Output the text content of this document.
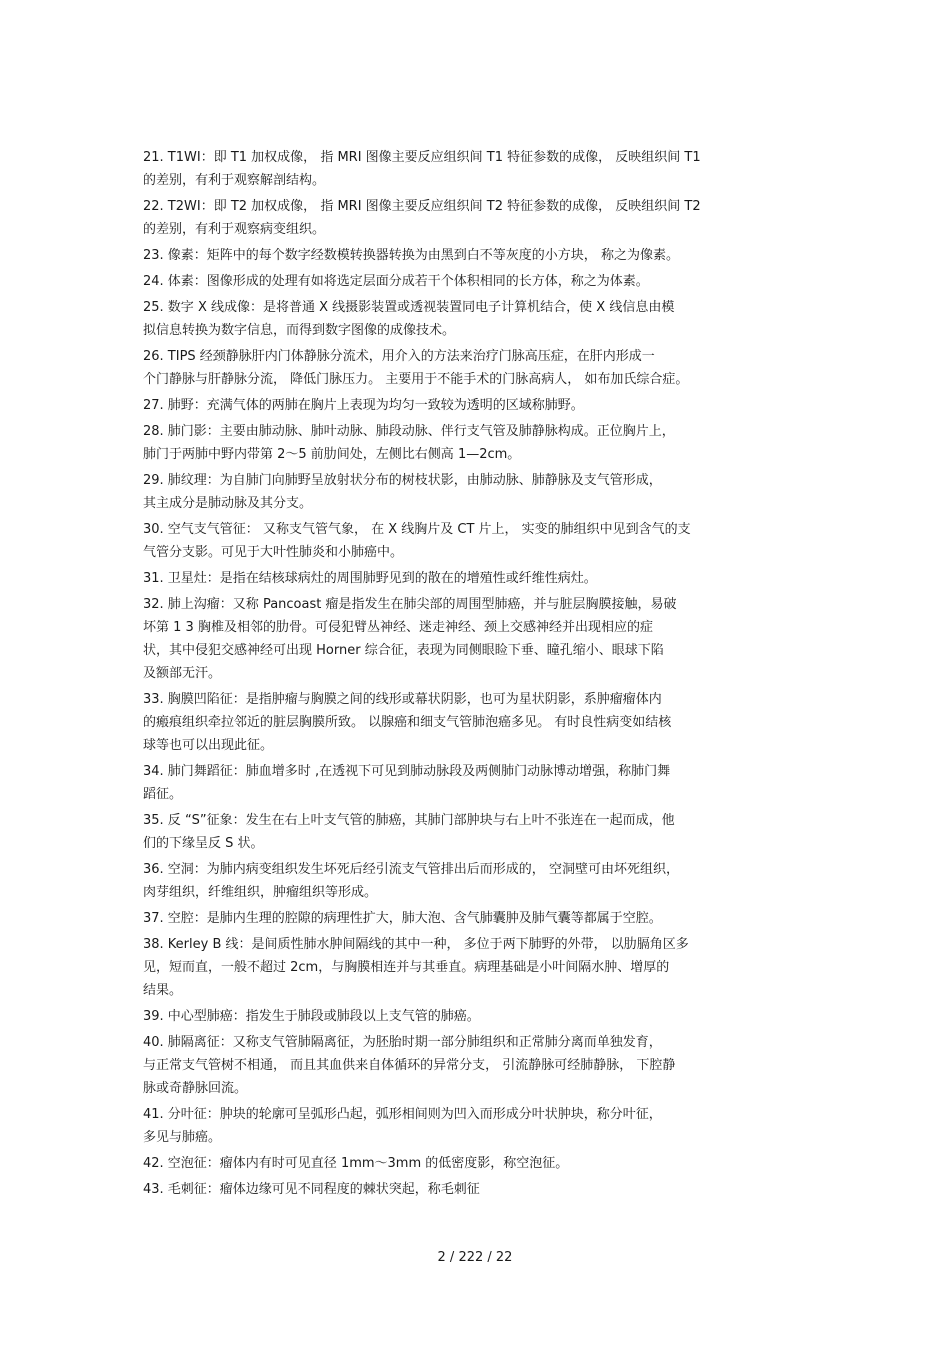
21. T1WI：即 T1 加权成像， 指 MRI 图像主要反应组织间 T1 特征参数的成像， 反映组织间 T1
的差别，有利于观察解剖结构。
22. T2WI：即 T2 加权成像， 指 MRI 图像主要反应组织间 T2 特征参数的成像， 反映组织间 T2
的差别，有利于观察病变组织。
23. 像素：矩阵中的每个数字经数模转换器转换为由黑到白不等灰度的小方块， 称之为像素。
24. 体素：图像形成的处理有如将选定层面分成若干个体积相同的长方体，称之为体素。
25. 数字 X 线成像：是将普通 X 线摄影装置或透视装置同电子计算机结合，使 X 线信息由模
拟信息转换为数字信息，而得到数字图像的成像技术。
26. TIPS 经颈静脉肝内门体静脉分流术，用介入的方法来治疗门脉高压症，在肝内形成一
个门静脉与肝静脉分流， 降低门脉压力。 主要用于不能手术的门脉高病人， 如布加氏综合症。
27. 肺野：充满气体的两肺在胸片上表现为均匀一致较为透明的区域称肺野。
28. 肺门影：主要由肺动脉、肺叶动脉、肺段动脉、伴行支气管及肺静脉构成。正位胸片上，
肺门于两肺中野内带第 2～5 前肋间处，左侧比右侧高 1—2cm。
29. 肺纹理：为自肺门向肺野呈放射状分布的树枝状影，由肺动脉、肺静脉及支气管形成，
其主成分是肺动脉及其分支。
30. 空气支气管征： 又称支气管气象， 在 X 线胸片及 CT 片上， 实变的肺组织中见到含气的支
气管分支影。可见于大叶性肺炎和小肺癌中。
31. 卫星灶：是指在结核球病灶的周围肺野见到的散在的增殖性或纤维性病灶。
32. 肺上沟瘤：又称 Pancoast 瘤是指发生在肺尖部的周围型肺癌，并与脏层胸膜接触，易破
坏第 1 3 胸椎及相邻的肋骨。可侵犯臂丛神经、迷走神经、颈上交感神经并出现相应的症
状，其中侵犯交感神经可出现 Horner 综合征，表现为同侧眼睑下垂、瞳孔缩小、眼球下陷
及额部无汗。
33. 胸膜凹陷征：是指肿瘤与胸膜之间的线形或幕状阴影，也可为星状阴影，系肿瘤瘤体内
的瘢痕组织牵拉邻近的脏层胸膜所致。 以腺癌和细支气管肺泡癌多见。 有时良性病变如结核
球等也可以出现此征。
34. 肺门舞蹈征：肺血增多时 ,在透视下可见到肺动脉段及两侧肺门动脉博动增强，称肺门舞
蹈征。
35. 反 “S”征象：发生在右上叶支气管的肺癌，其肺门部肿块与右上叶不张连在一起而成，他
们的下缘呈反 S 状。
36. 空洞：为肺内病变组织发生坏死后经引流支气管排出后而形成的， 空洞壁可由坏死组织，
肉芽组织，纤维组织，肿瘤组织等形成。
37. 空腔：是肺内生理的腔隙的病理性扩大，肺大泡、含气肺囊肿及肺气囊等都属于空腔。
38. Kerley B 线：是间质性肺水肿间隔线的其中一种， 多位于两下肺野的外带， 以肋膈角区多
见，短而直，一般不超过 2cm，与胸膜相连并与其垂直。病理基础是小叶间隔水肿、增厚的
结果。
39. 中心型肺癌：指发生于肺段或肺段以上支气管的肺癌。
40. 肺隔离征：又称支气管肺隔离征，为胚胎时期一部分肺组织和正常肺分离而单独发育，
与正常支气管树不相通， 而且其血供来自体循环的异常分支， 引流静脉可经肺静脉， 下腔静
脉或奇静脉回流。
41. 分叶征：肿块的轮廓可呈弧形凸起，弧形相间则为凹入而形成分叶状肿块，称分叶征，
多见与肺癌。
42. 空泡征：瘤体内有时可见直径 1mm～3mm 的低密度影，称空泡征。
43. 毛刺征：瘤体边缘可见不同程度的棘状突起，称毛刺征
2 / 222 / 22
